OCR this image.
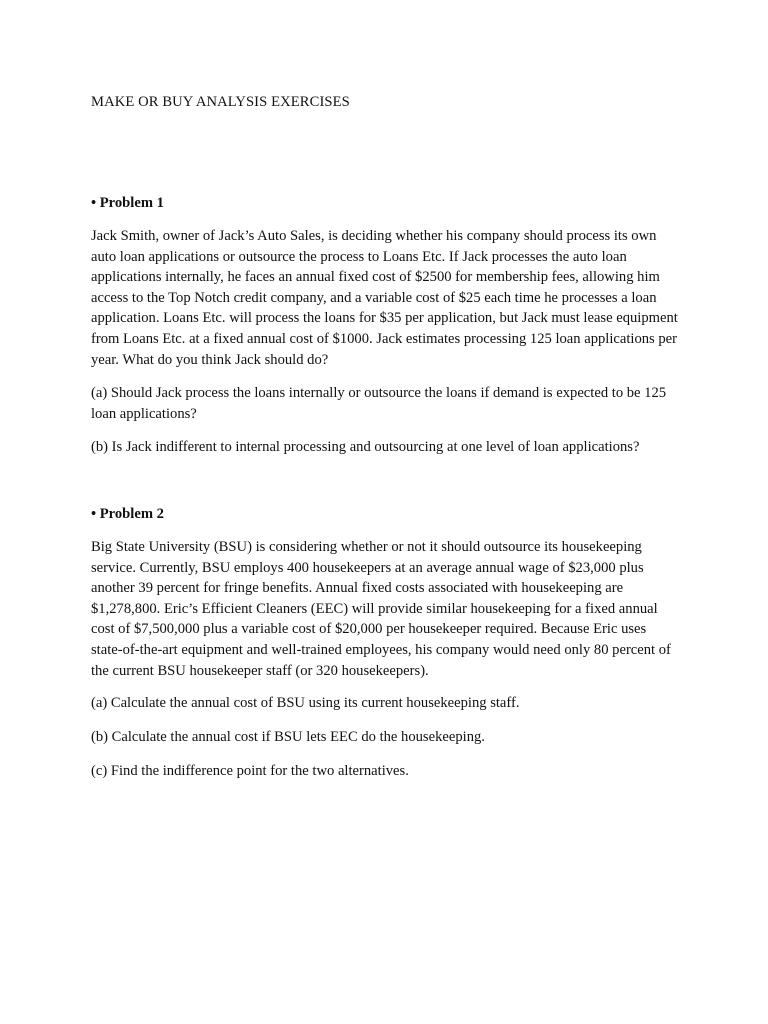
MAKE OR BUY ANALYSIS EXERCISES
• Problem 1

Jack Smith, owner of Jack’s Auto Sales, is deciding whether his company should process its own auto loan applications or outsource the process to Loans Etc. If Jack processes the auto loan applications internally, he faces an annual fixed cost of $2500 for membership fees, allowing him access to the Top Notch credit company, and a variable cost of $25 each time he processes a loan application. Loans Etc. will process the loans for $35 per application, but Jack must lease equipment from Loans Etc. at a fixed annual cost of $1000. Jack estimates processing 125 loan applications per year. What do you think Jack should do?

(a) Should Jack process the loans internally or outsource the loans if demand is expected to be 125 loan applications?

(b) Is Jack indifferent to internal processing and outsourcing at one level of loan applications?

• Problem 2

Big State University (BSU) is considering whether or not it should outsource its housekeeping service. Currently, BSU employs 400 housekeepers at an average annual wage of $23,000 plus another 39 percent for fringe benefits. Annual fixed costs associated with housekeeping are $1,278,800. Eric’s Efficient Cleaners (EEC) will provide similar housekeeping for a fixed annual cost of $7,500,000 plus a variable cost of $20,000 per housekeeper required. Because Eric uses state-of-the-art equipment and well-trained employees, his company would need only 80 percent of the current BSU housekeeper staff (or 320 housekeepers).

(a) Calculate the annual cost of BSU using its current housekeeping staff.

(b) Calculate the annual cost if BSU lets EEC do the housekeeping.

(c) Find the indifference point for the two alternatives.
